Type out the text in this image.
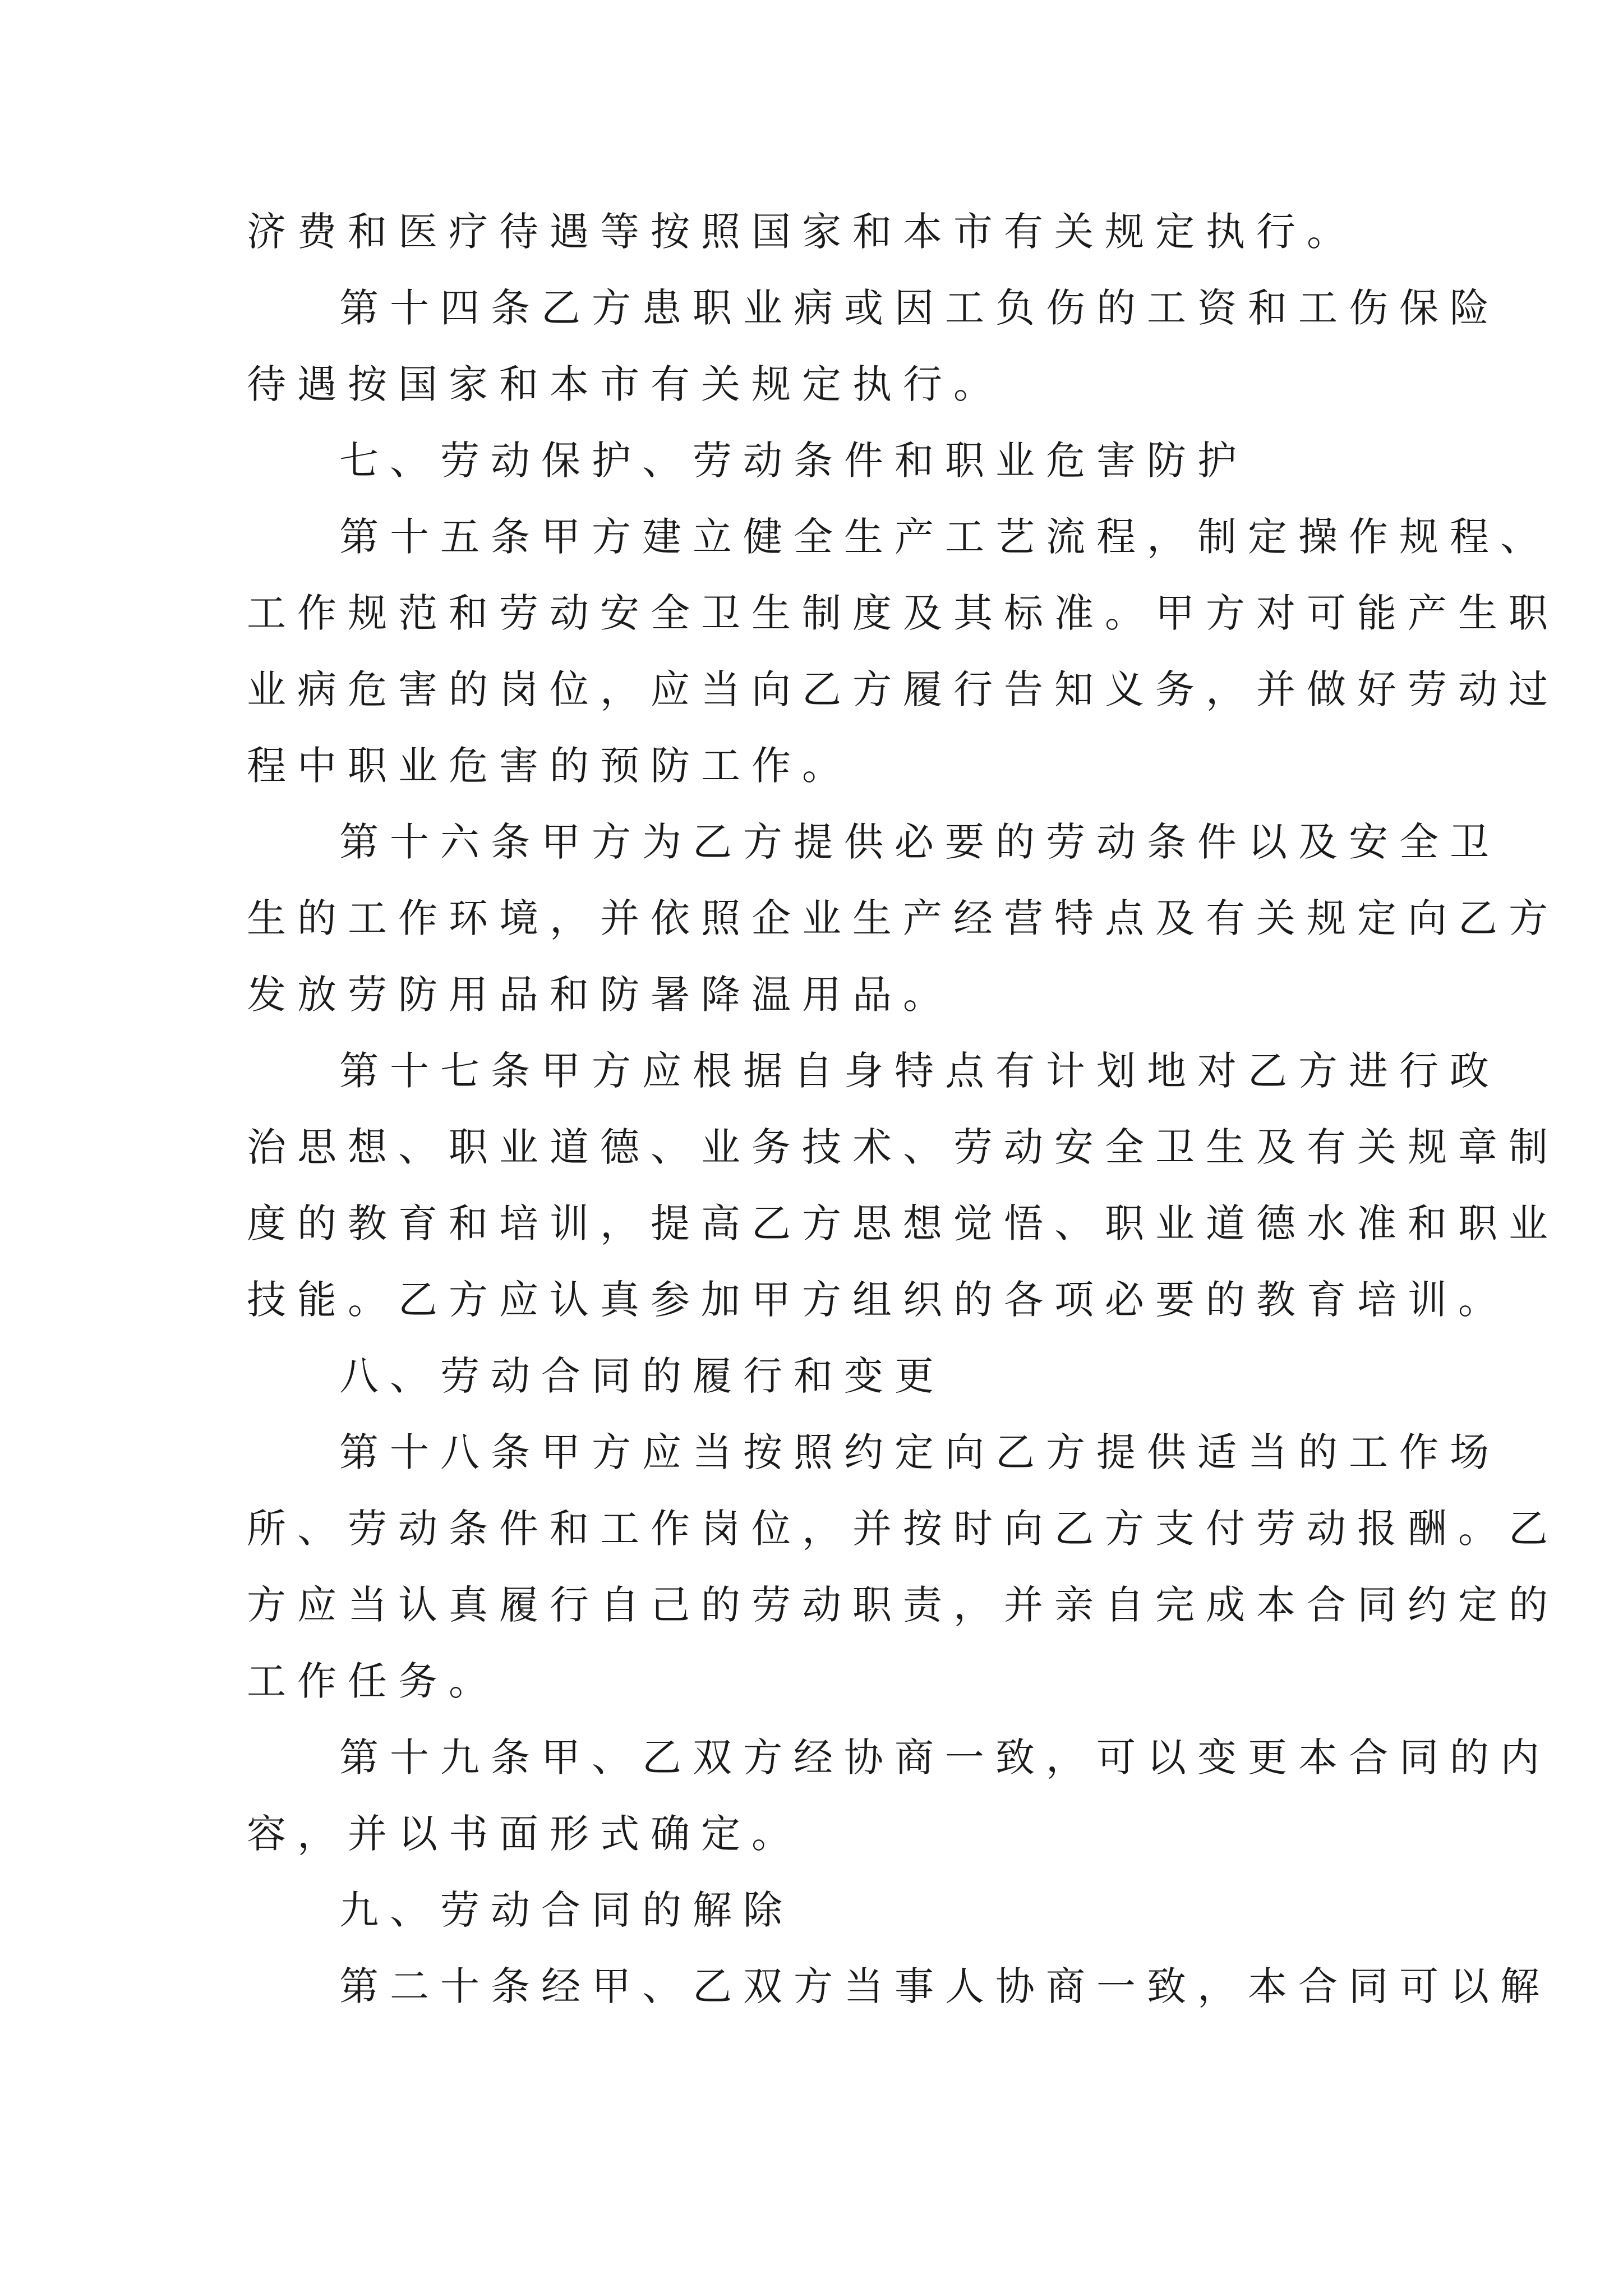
济费和医疗待遇等按照国家和本市有关规定执行。

第十四条乙方患职业病或因工负伤的工资和工伤保险

待遇按国家和本市有关规定执行。

七、劳动保护、劳动条件和职业危害防护

第十五条甲方建立健全生产工艺流程，制定操作规程、

工作规范和劳动安全卫生制度及其标准。甲方对可能产生职

业病危害的岗位，应当向乙方履行告知义务，并做好劳动过

程中职业危害的预防工作。

第十六条甲方为乙方提供必要的劳动条件以及安全卫

生的工作环境，并依照企业生产经营特点及有关规定向乙方

发放劳防用品和防暑降温用品。

第十七条甲方应根据自身特点有计划地对乙方进行政

治思想、职业道德、业务技术、劳动安全卫生及有关规章制

度的教育和培训，提高乙方思想觉悟、职业道德水准和职业

技能。乙方应认真参加甲方组织的各项必要的教育培训。

八、劳动合同的履行和变更

第十八条甲方应当按照约定向乙方提供适当的工作场

所、劳动条件和工作岗位，并按时向乙方支付劳动报酬。乙

方应当认真履行自己的劳动职责，并亲自完成本合同约定的

工作任务。

第十九条甲、乙双方经协商一致，可以变更本合同的内

容，并以书面形式确定。

九、劳动合同的解除

第二十条经甲、乙双方当事人协商一致，本合同可以解
